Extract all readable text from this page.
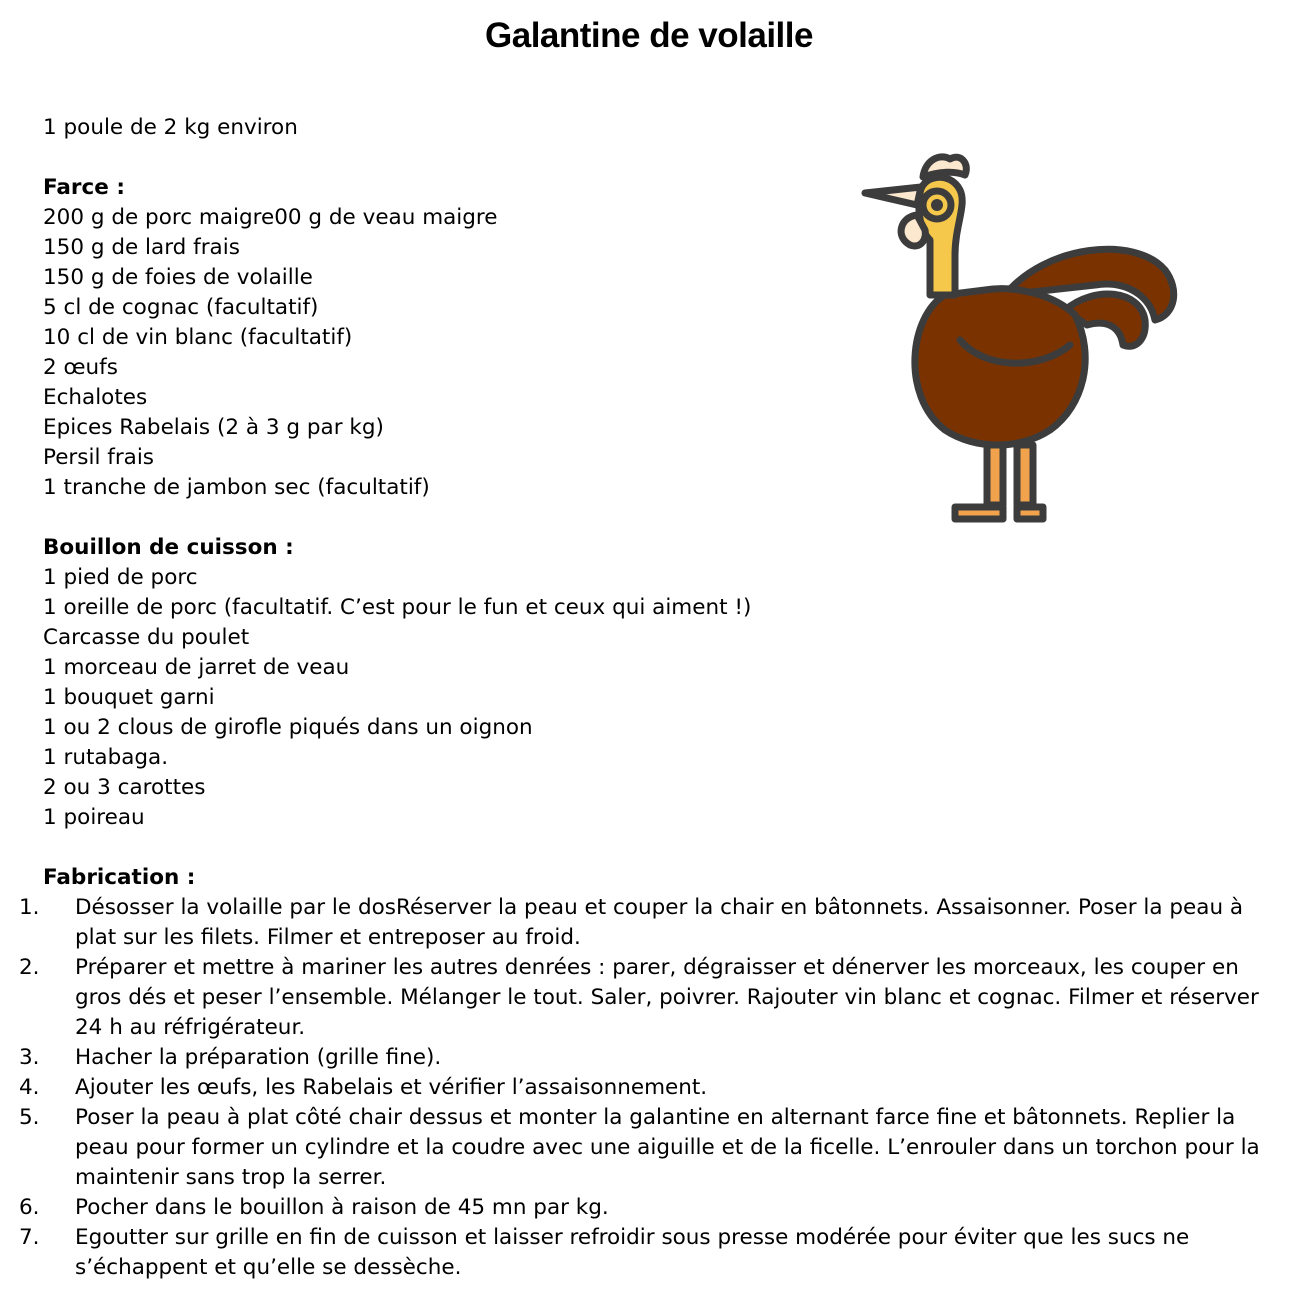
Galantine de volaille
1 poule de 2 kg environ
Farce :
200 g de porc maigre00 g de veau maigre
150 g de lard frais
150 g de foies de volaille
5 cl de cognac (facultatif)
10 cl de vin blanc (facultatif)
2 œufs
Echalotes
Epices Rabelais (2 à 3 g par kg)
Persil frais
1 tranche de jambon sec (facultatif)
Bouillon de cuisson :
1 pied de porc
1 oreille de porc (facultatif. C’est pour le fun et ceux qui aiment !)
Carcasse du poulet
1 morceau de jarret de veau
1 bouquet garni
1 ou 2 clous de girofle piqués dans un oignon
1 rutabaga.
2 ou 3 carottes
1 poireau
Fabrication :
1. Désosser la volaille par le dosRéserver la peau et couper la chair en bâtonnets. Assaisonner. Poser la peau à plat sur les filets. Filmer et entreposer au froid.
2. Préparer et mettre à mariner les autres denrées : parer, dégraisser et dénerver les morceaux, les couper en gros dés et peser l’ensemble. Mélanger le tout. Saler, poivrer. Rajouter vin blanc et cognac. Filmer et réserver 24 h au réfrigérateur.
3. Hacher la préparation (grille fine).
4. Ajouter les œufs, les Rabelais et vérifier l’assaisonnement.
5. Poser la peau à plat côté chair dessus et monter la galantine en alternant farce fine et bâtonnets. Replier la peau pour former un cylindre et la coudre avec une aiguille et de la ficelle. L’enrouler dans un torchon pour la maintenir sans trop la serrer.
6. Pocher dans le bouillon à raison de 45 mn par kg.
7. Egoutter sur grille en fin de cuisson et laisser refroidir sous presse modérée pour éviter que les sucs ne s’échappent et qu’elle se dessèche.
